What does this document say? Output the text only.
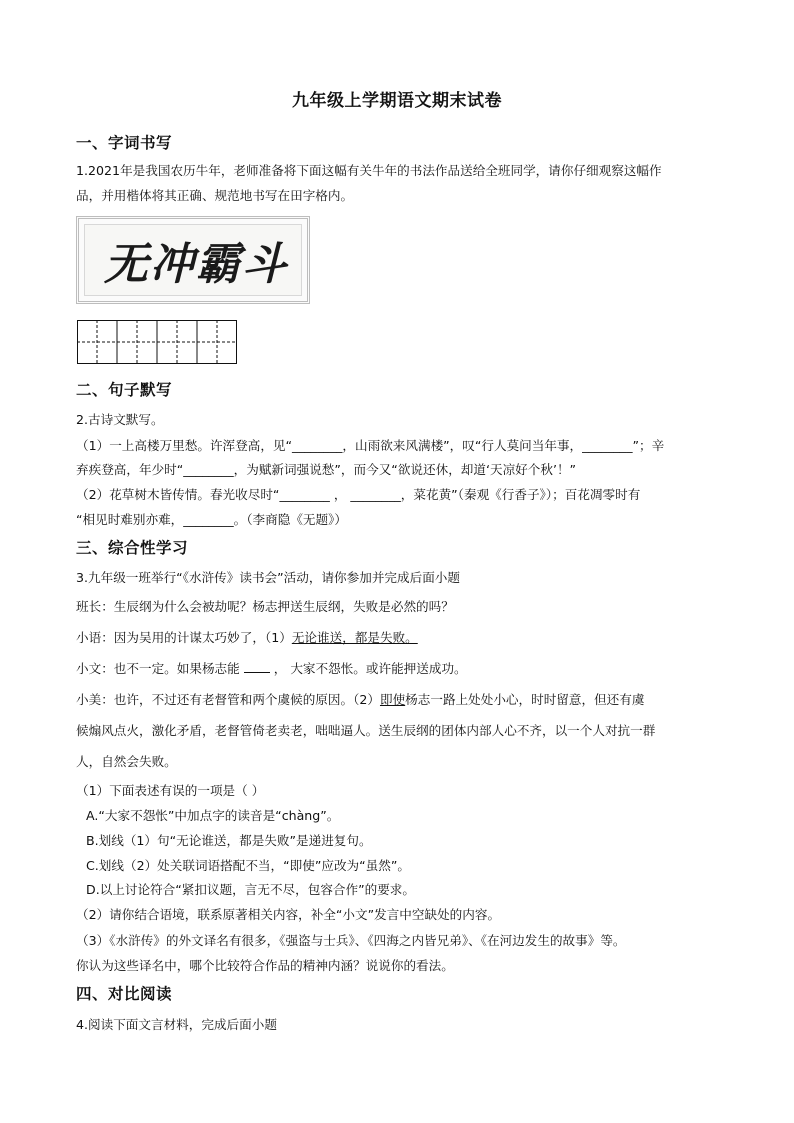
九年级上学期语文期末试卷
一、字词书写
1.2021年是我国农历牛年，老师准备将下面这幅有关牛年的书法作品送给全班同学，请你仔细观察这幅作
品，并用楷体将其正确、规范地书写在田字格内。
无冲霸斗
二、句子默写
2.古诗文默写。
（1）一上高楼万里愁。许浑登高，见“________，山雨欲来风满楼”，叹“行人莫问当年事，________”；辛
弃疾登高，年少时“________，为赋新词强说愁”，而今又“欲说还休，却道‘天凉好个秋’！”
（2）花草树木皆传情。春光收尽时“________ ， ________，菜花黄”（秦观《行香子》）；百花凋零时有
“相见时难别亦难，________。（李商隐《无题》）
三、综合性学习
3.九年级一班举行“《水浒传》读书会”活动，请你参加并完成后面小题
班长：生辰纲为什么会被劫呢？杨志押送生辰纲，失败是必然的吗？
小语：因为吴用的计谋太巧妙了，（1）无论谁送，都是失败。
小文：也不一定。如果杨志能	， 大家不怨怅。或许能押送成功。
小美：也许，不过还有老督管和两个虞候的原因。（2）即使杨志一路上处处小心，时时留意，但还有虞
候煽风点火，激化矛盾，老督管倚老卖老，咄咄逼人。送生辰纲的团体内部人心不齐，以一个人对抗一群
人，自然会失败。
（1）下面表述有误的一项是（ ）
A.“大家不怨怅”中加点字的读音是“chàng”。
B.划线（1）句“无论谁送，都是失败”是递进复句。
C.划线（2）处关联词语搭配不当，“即使”应改为“虽然”。
D.以上讨论符合“紧扣议题，言无不尽，包容合作”的要求。
（2）请你结合语境，联系原著相关内容，补全“小文”发言中空缺处的内容。
（3）《水浒传》的外文译名有很多，《强盗与士兵》、《四海之内皆兄弟》、《在河边发生的故事》等。
你认为这些译名中，哪个比较符合作品的精神内涵？说说你的看法。
四、对比阅读
4.阅读下面文言材料，完成后面小题
